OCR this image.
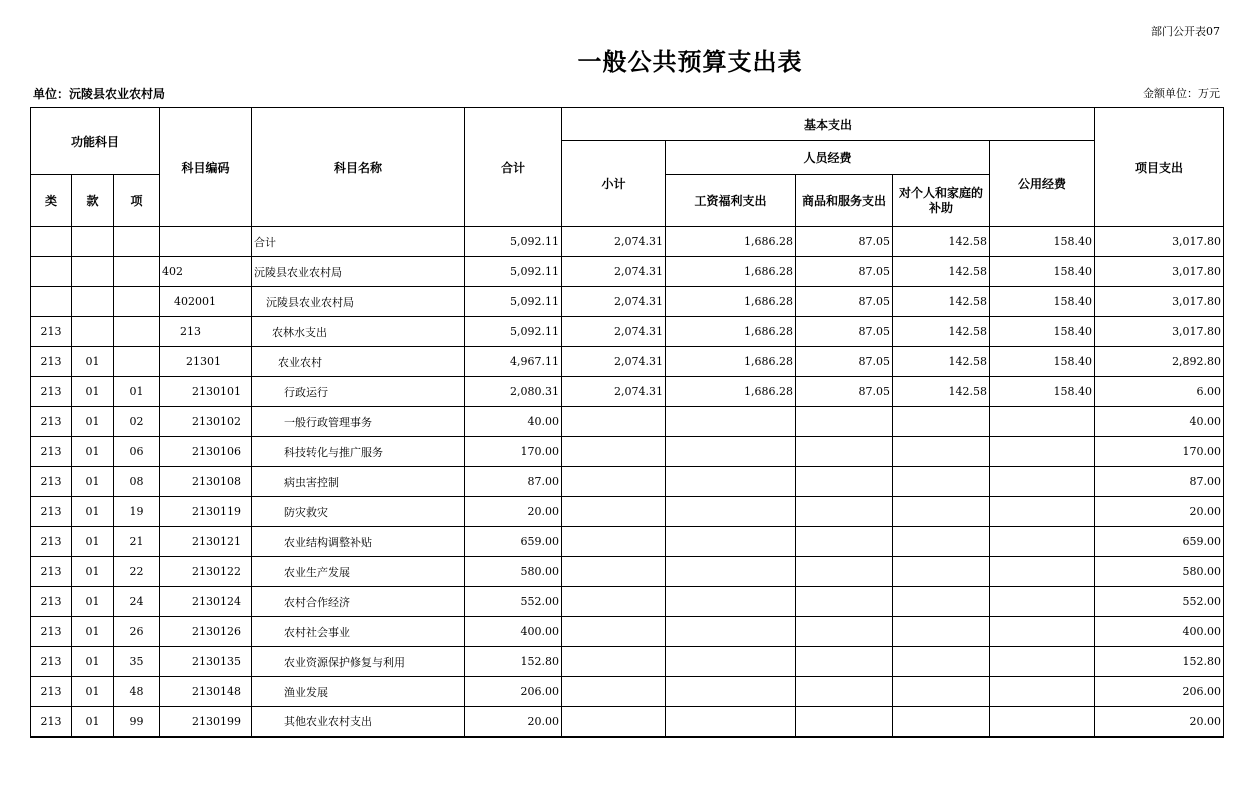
部门公开表07
一般公共预算支出表
单位：沅陵县农业农村局	金额单位：万元
功能科目			科目编码	科目名称	合计	基本支出					项目支出
						小计	人员经费			公用经费	
类	款	项					工资福利支出	商品和服务支出	对个人和家庭的补助		
				合计	5,092.11	2,074.31	1,686.28	87.05	142.58	158.40	3,017.80
			402	沅陵县农业农村局	5,092.11	2,074.31	1,686.28	87.05	142.58	158.40	3,017.80
			402001	沅陵县农业农村局	5,092.11	2,074.31	1,686.28	87.05	142.58	158.40	3,017.80
213			213	农林水支出	5,092.11	2,074.31	1,686.28	87.05	142.58	158.40	3,017.80
213	01		21301	农业农村	4,967.11	2,074.31	1,686.28	87.05	142.58	158.40	2,892.80
213	01	01	2130101	行政运行	2,080.31	2,074.31	1,686.28	87.05	142.58	158.40	6.00
213	01	02	2130102	一般行政管理事务	40.00						40.00
213	01	06	2130106	科技转化与推广服务	170.00						170.00
213	01	08	2130108	病虫害控制	87.00						87.00
213	01	19	2130119	防灾救灾	20.00						20.00
213	01	21	2130121	农业结构调整补贴	659.00						659.00
213	01	22	2130122	农业生产发展	580.00						580.00
213	01	24	2130124	农村合作经济	552.00						552.00
213	01	26	2130126	农村社会事业	400.00						400.00
213	01	35	2130135	农业资源保护修复与利用	152.80						152.80
213	01	48	2130148	渔业发展	206.00						206.00
213	01	99	2130199	其他农业农村支出	20.00						20.00
